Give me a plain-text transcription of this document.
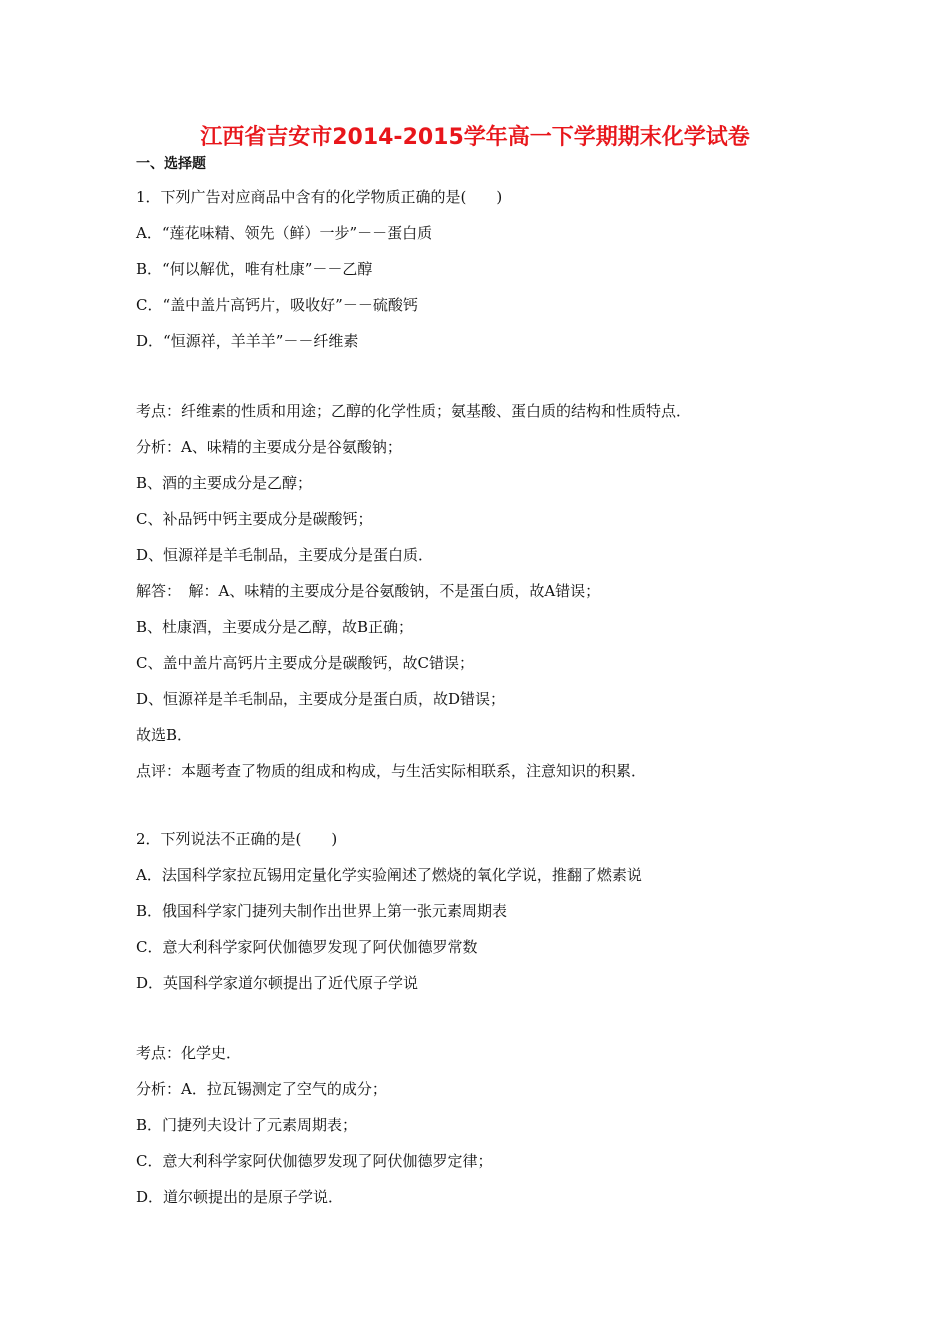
江西省吉安市2014-2015学年高一下学期期末化学试卷
一、选择题
1．下列广告对应商品中含有的化学物质正确的是(　　)
A．“莲花味精、领先（鲜）一步”－－蛋白质
B．“何以解优，唯有杜康”－－乙醇
C．“盖中盖片高钙片，吸收好”－－硫酸钙
D．“恒源祥，羊羊羊”－－纤维素
考点：纤维素的性质和用途；乙醇的化学性质；氨基酸、蛋白质的结构和性质特点．
分析：A、味精的主要成分是谷氨酸钠；
B、酒的主要成分是乙醇；
C、补品钙中钙主要成分是碳酸钙；
D、恒源祥是羊毛制品，主要成分是蛋白质．
解答：　解：A、味精的主要成分是谷氨酸钠，不是蛋白质，故A错误；
B、杜康酒，主要成分是乙醇，故B正确；
C、盖中盖片高钙片主要成分是碳酸钙，故C错误；
D、恒源祥是羊毛制品，主要成分是蛋白质，故D错误；
故选B．
点评：本题考查了物质的组成和构成，与生活实际相联系，注意知识的积累．
2．下列说法不正确的是(　　)
A．法国科学家拉瓦锡用定量化学实验阐述了燃烧的氧化学说，推翻了燃素说
B．俄国科学家门捷列夫制作出世界上第一张元素周期表
C．意大利科学家阿伏伽德罗发现了阿伏伽德罗常数
D．英国科学家道尔顿提出了近代原子学说
考点：化学史．
分析：A．拉瓦锡测定了空气的成分；
B．门捷列夫设计了元素周期表；
C．意大利科学家阿伏伽德罗发现了阿伏伽德罗定律；
D．道尔顿提出的是原子学说．
